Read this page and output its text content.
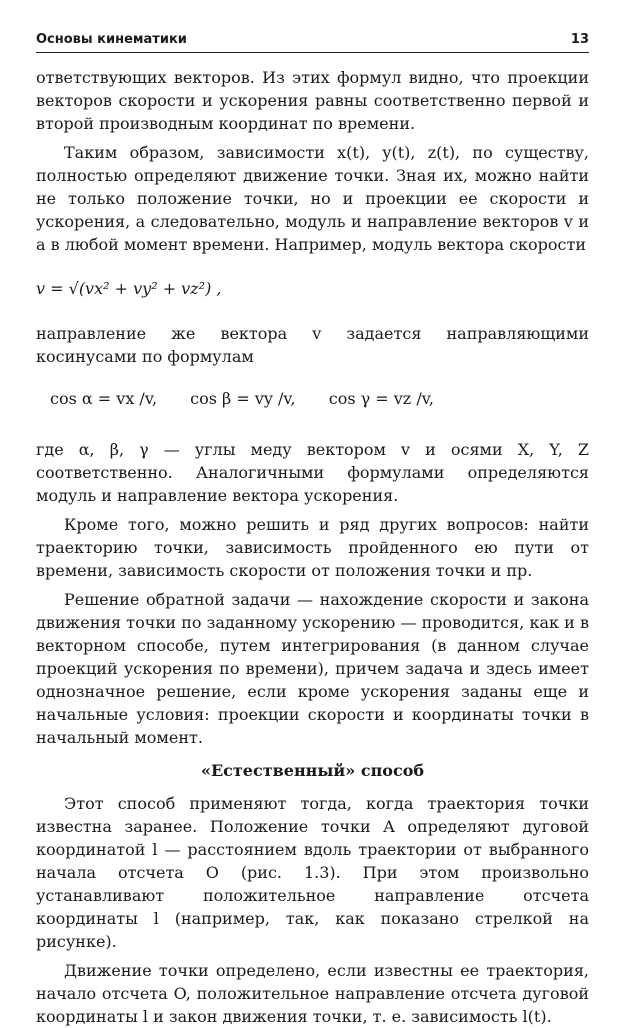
Основы кинематики	13

ответствующих векторов. Из этих формул видно, что проекции векторов скорости и ускорения равны соответственно первой и второй производным координат по времени.

Таким образом, зависимости x(t), y(t), z(t), по существу, полностью определяют движение точки. Зная их, можно найти не только положение точки, но и проекции ее скорости и ускорения, а следовательно, модуль и направление векторов v и a в любой момент времени. Например, модуль вектора скорости

v = √(vx² + vy² + vz²) ,

направление же вектора v задается направляющими косинусами по формулам

cos α = vx /v, cos β = vy /v, cos γ = vz /v,

где α, β, γ — углы меду вектором v и осями X, Y, Z соответственно. Аналогичными формулами определяются модуль и направление вектора ускорения.

Кроме того, можно решить и ряд других вопросов: найти траекторию точки, зависимость пройденного ею пути от времени, зависимость скорости от положения точки и пр.

Решение обратной задачи — нахождение скорости и закона движения точки по заданному ускорению — проводится, как и в векторном способе, путем интегрирования (в данном случае проекций ускорения по времени), причем задача и здесь имеет однозначное решение, если кроме ускорения заданы еще и начальные условия: проекции скорости и координаты точки в начальный момент.

«Естественный» способ

Этот способ применяют тогда, когда траектория точки известна заранее. Положение точки A определяют дуговой координатой l — расстоянием вдоль траектории от выбранного начала отсчета O (рис. 1.3). При этом произвольно устанавливают положительное направление отсчета координаты l (например, так, как показано стрелкой на рисунке).

Движение точки определено, если известны ее траектория, начало отсчета O, положительное направление отсчета дуговой координаты l и закон движения точки, т. е. зависимость l(t).
